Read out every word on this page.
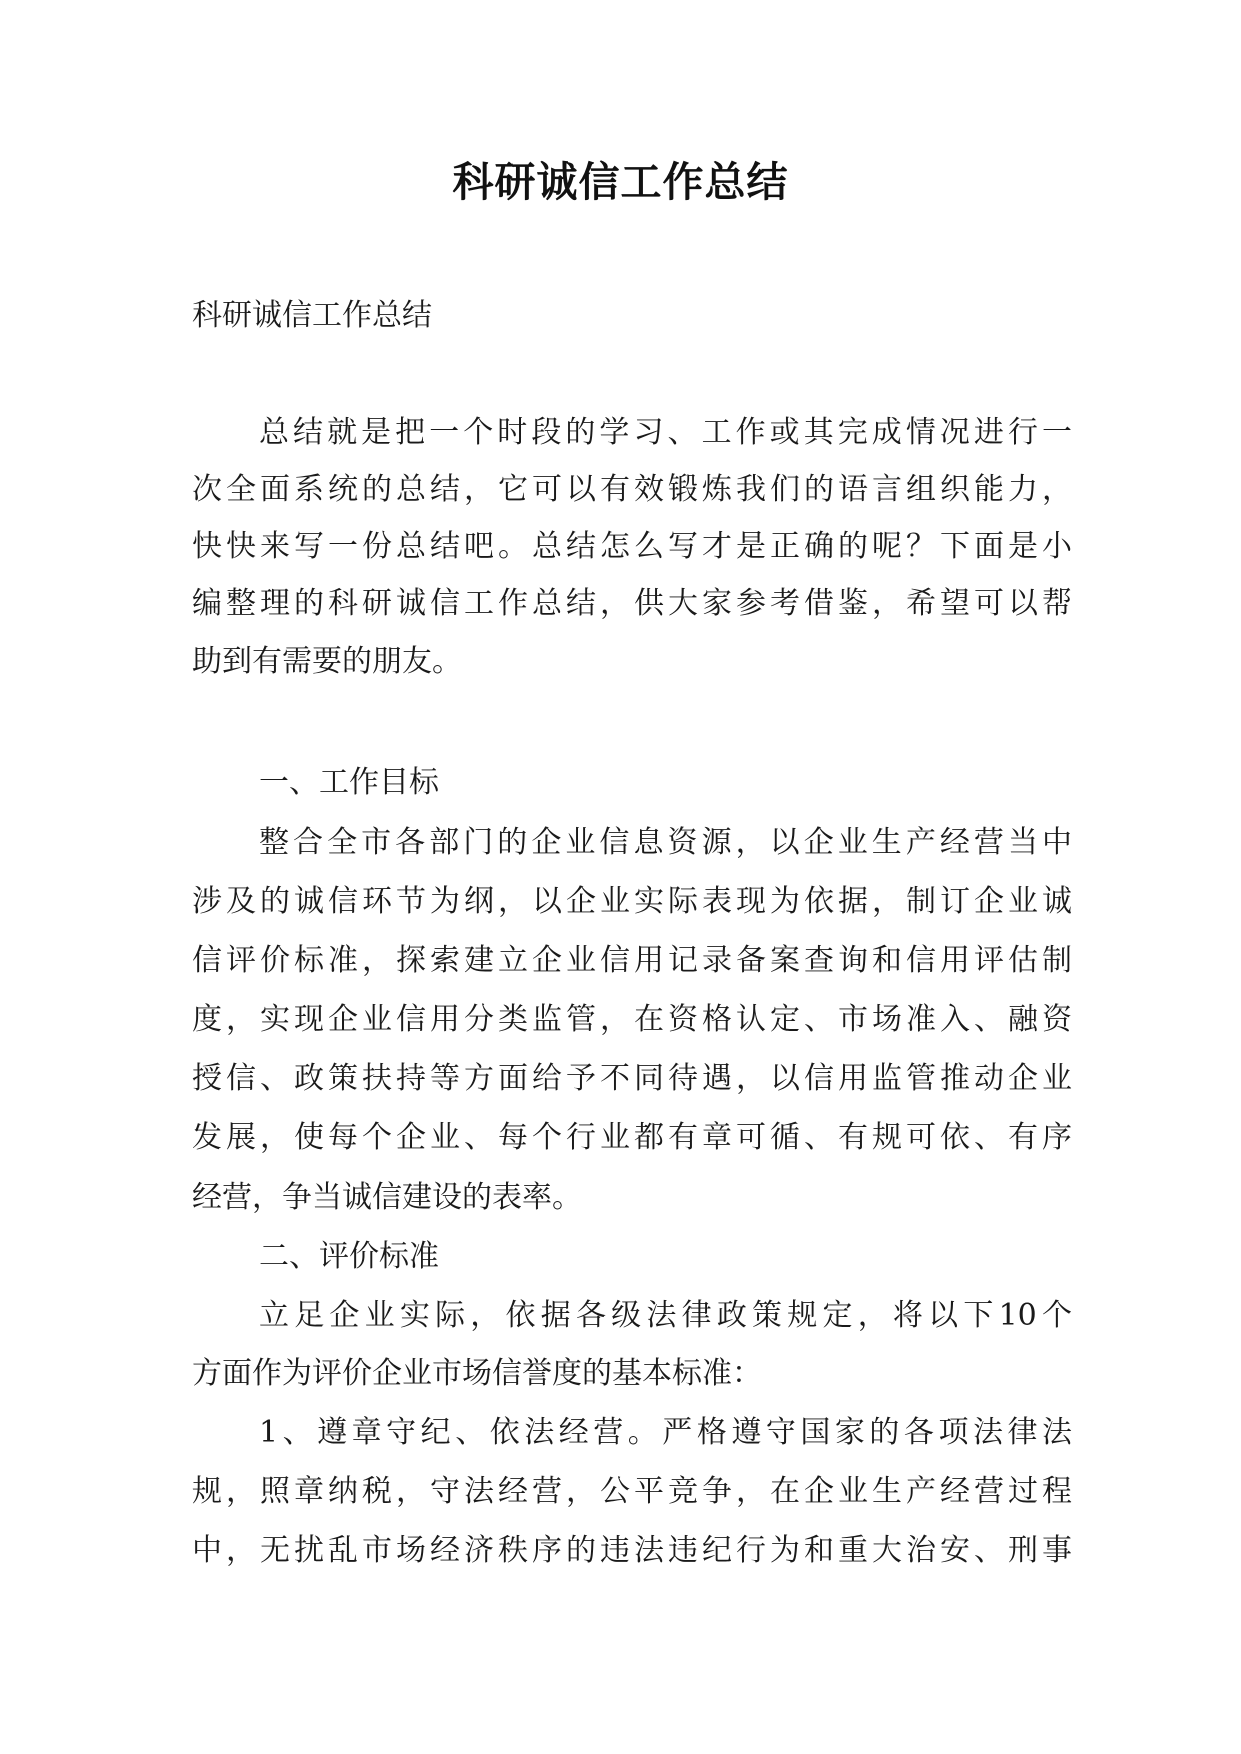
科研诚信工作总结
科研诚信工作总结
总结就是把一个时段的学习、工作或其完成情况进行一
次全面系统的总结，它可以有效锻炼我们的语言组织能力，
快快来写一份总结吧。总结怎么写才是正确的呢？下面是小
编整理的科研诚信工作总结，供大家参考借鉴，希望可以帮
助到有需要的朋友。
一、工作目标
整合全市各部门的企业信息资源，以企业生产经营当中
涉及的诚信环节为纲，以企业实际表现为依据，制订企业诚
信评价标准，探索建立企业信用记录备案查询和信用评估制
度，实现企业信用分类监管，在资格认定、市场准入、融资
授信、政策扶持等方面给予不同待遇，以信用监管推动企业
发展，使每个企业、每个行业都有章可循、有规可依、有序
经营，争当诚信建设的表率。
二、评价标准
立足企业实际，依据各级法律政策规定，将以下10个
方面作为评价企业市场信誉度的基本标准：
1、遵章守纪、依法经营。严格遵守国家的各项法律法
规，照章纳税，守法经营，公平竞争，在企业生产经营过程
中，无扰乱市场经济秩序的违法违纪行为和重大治安、刑事
